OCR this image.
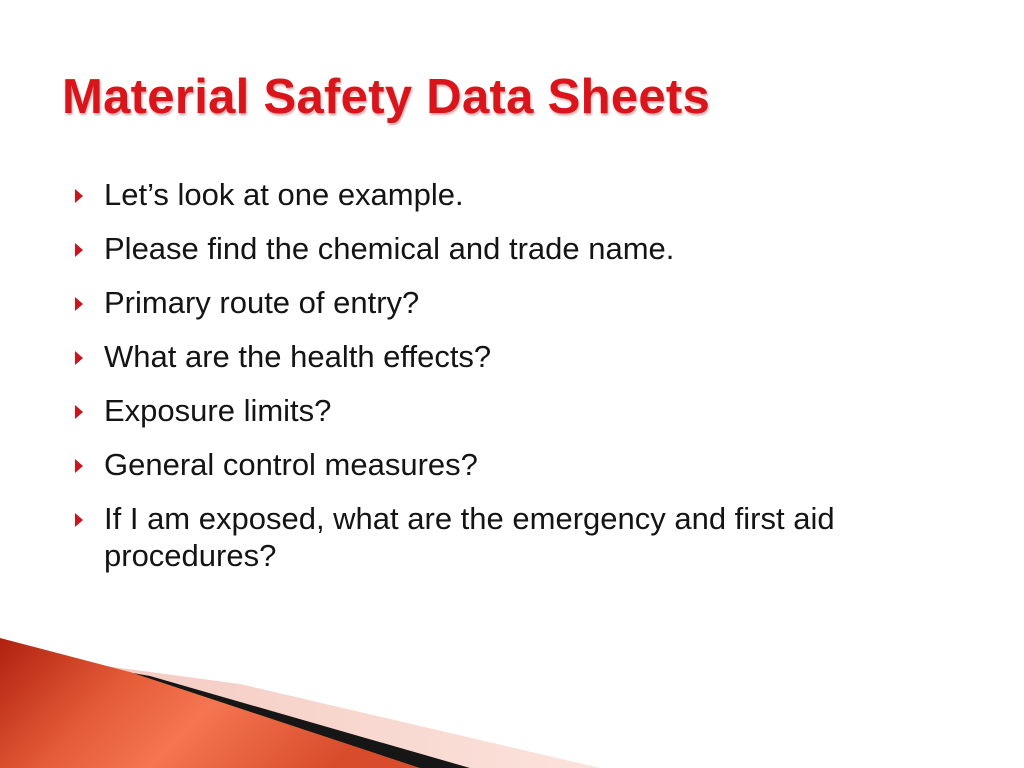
Material Safety Data Sheets
Let’s look at one example.
Please find the chemical and trade name.
Primary route of entry?
What are the health effects?
Exposure limits?
General control measures?
If I am exposed, what are the emergency and first aid procedures?
